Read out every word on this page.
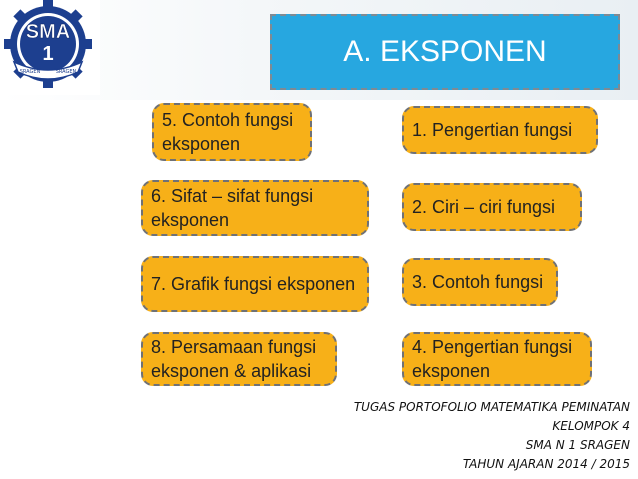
SMA
1
SRAGEN	SRAGEN
A. EKSPONEN
5. Contoh fungsi eksponen
6. Sifat – sifat fungsi eksponen
7. Grafik fungsi eksponen
8. Persamaan fungsi eksponen & aplikasi
1. Pengertian fungsi
2. Ciri – ciri fungsi
3. Contoh fungsi
4. Pengertian fungsi eksponen
TUGAS PORTOFOLIO MATEMATIKA PEMINATAN
KELOMPOK 4
SMA N 1 SRAGEN
TAHUN AJARAN 2014 / 2015
